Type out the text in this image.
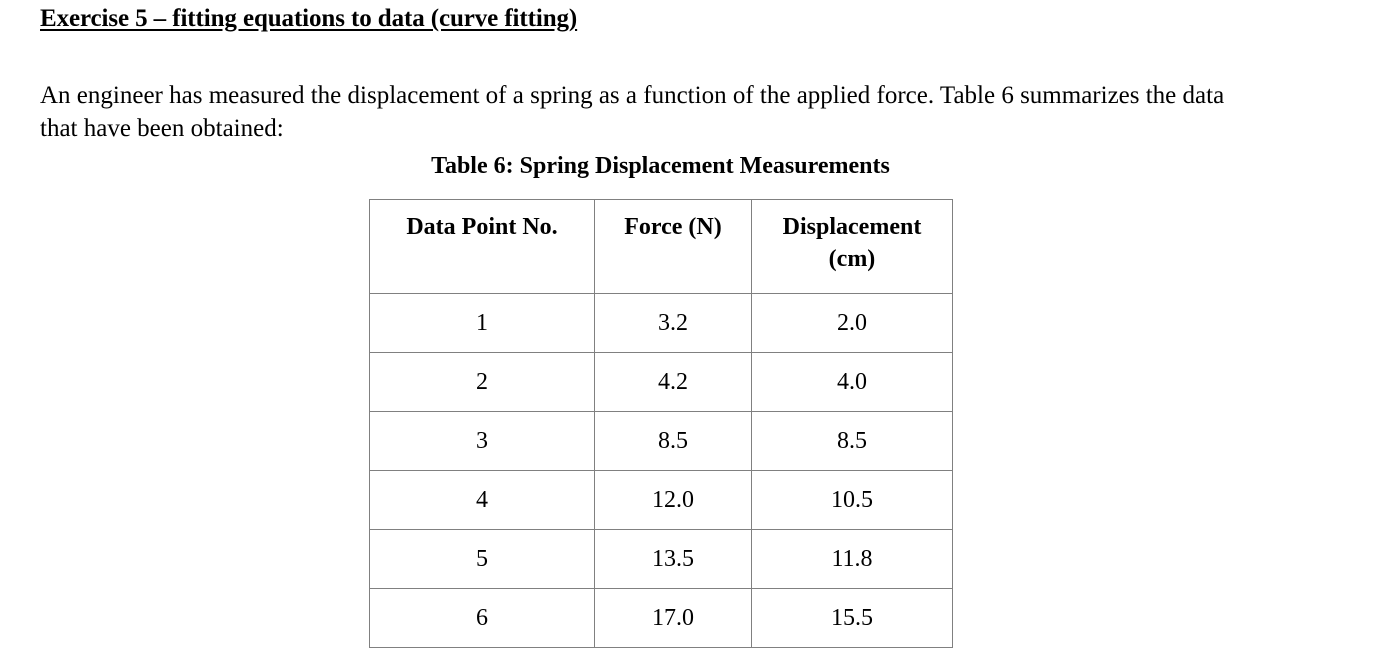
Exercise 5 – fitting equations to data (curve fitting)

An engineer has measured the displacement of a spring as a function of the applied force. Table 6 summarizes the data that have been obtained:

Table 6: Spring Displacement Measurements
Data Point No.	Force (N)	Displacement
(cm)
1	3.2	2.0
2	4.2	4.0
3	8.5	8.5
4	12.0	10.5
5	13.5	11.8
6	17.0	15.5
